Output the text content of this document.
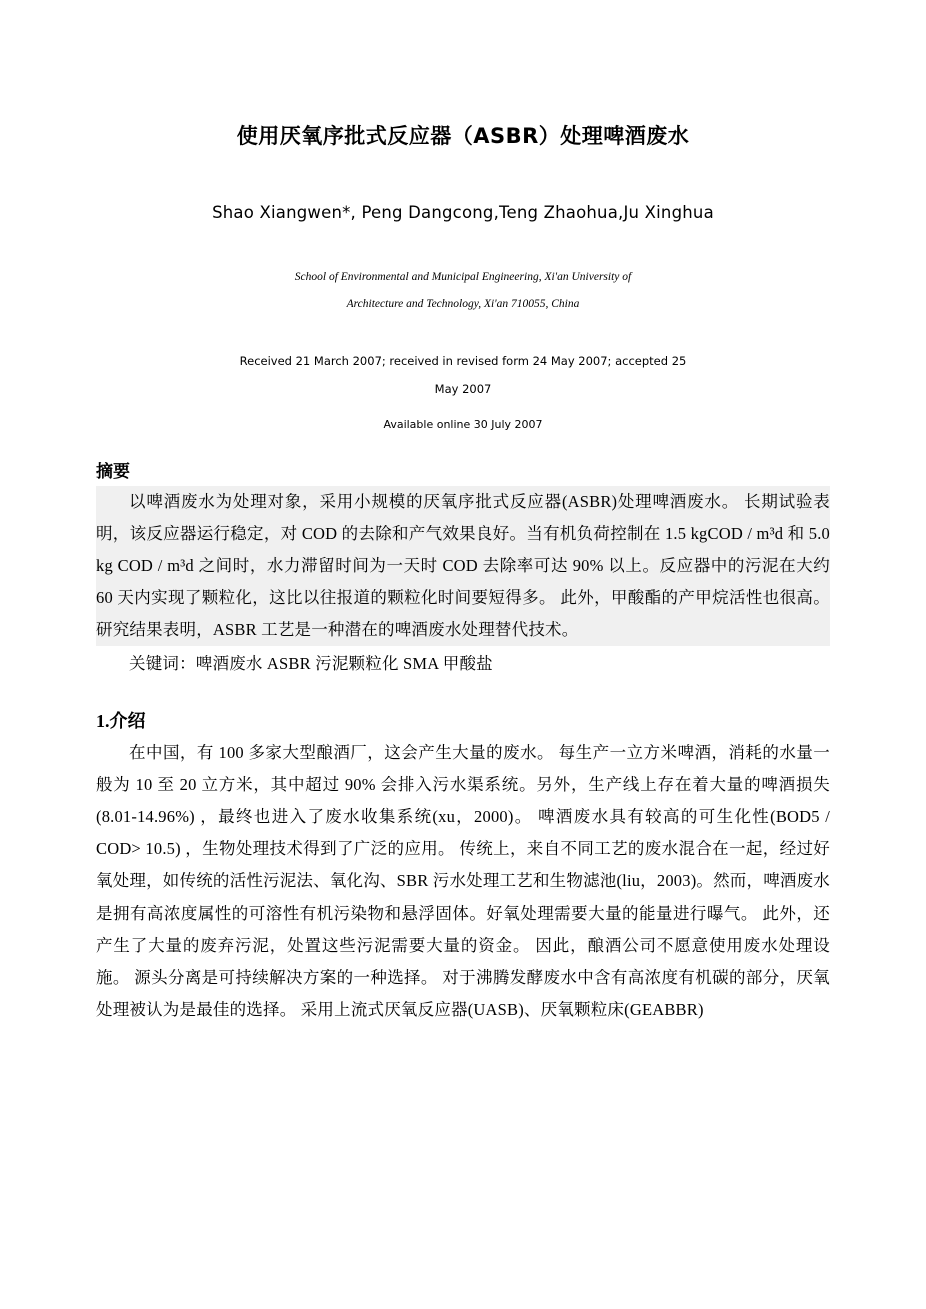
使用厌氧序批式反应器（ASBR）处理啤酒废水
Shao Xiangwen*, Peng Dangcong,Teng Zhaohua,Ju Xinghua
School of Environmental and Municipal Engineering, Xi'an University of
Architecture and Technology, Xi'an 710055, China
Received 21 March 2007; received in revised form 24 May 2007; accepted 25
May 2007
Available online 30 July 2007
摘要

以啤酒废水为处理对象，采用小规模的厌氧序批式反应器(ASBR)处理啤酒废水。 长期试验表明，该反应器运行稳定，对 COD 的去除和产气效果良好。当有机负荷控制在 1.5 kgCOD / m³d 和 5.0 kg COD / m³d 之间时，水力滞留时间为一天时 COD 去除率可达 90% 以上。反应器中的污泥在大约 60 天内实现了颗粒化，这比以往报道的颗粒化时间要短得多。 此外，甲酸酯的产甲烷活性也很高。 研究结果表明，ASBR 工艺是一种潜在的啤酒废水处理替代技术。

关键词：啤酒废水 ASBR 污泥颗粒化 SMA 甲酸盐

1.介绍

在中国，有 100 多家大型酿酒厂，这会产生大量的废水。 每生产一立方米啤酒，消耗的水量一般为 10 至 20 立方米，其中超过 90% 会排入污水渠系统。另外，生产线上存在着大量的啤酒损失(8.01-14.96%) ，最终也进入了废水收集系统(xu，2000)。 啤酒废水具有较高的可生化性(BOD5 / COD> 10.5) ，生物处理技术得到了广泛的应用。 传统上，来自不同工艺的废水混合在一起，经过好氧处理，如传统的活性污泥法、氧化沟、SBR 污水处理工艺和生物滤池(liu，2003)。然而，啤酒废水是拥有高浓度属性的可溶性有机污染物和悬浮固体。好氧处理需要大量的能量进行曝气。 此外，还产生了大量的废弃污泥，处置这些污泥需要大量的资金。 因此，酿酒公司不愿意使用废水处理设施。 源头分离是可持续解决方案的一种选择。 对于沸腾发酵废水中含有高浓度有机碳的部分，厌氧处理被认为是最佳的选择。 采用上流式厌氧反应器(UASB)、厌氧颗粒床(GEABBR)
